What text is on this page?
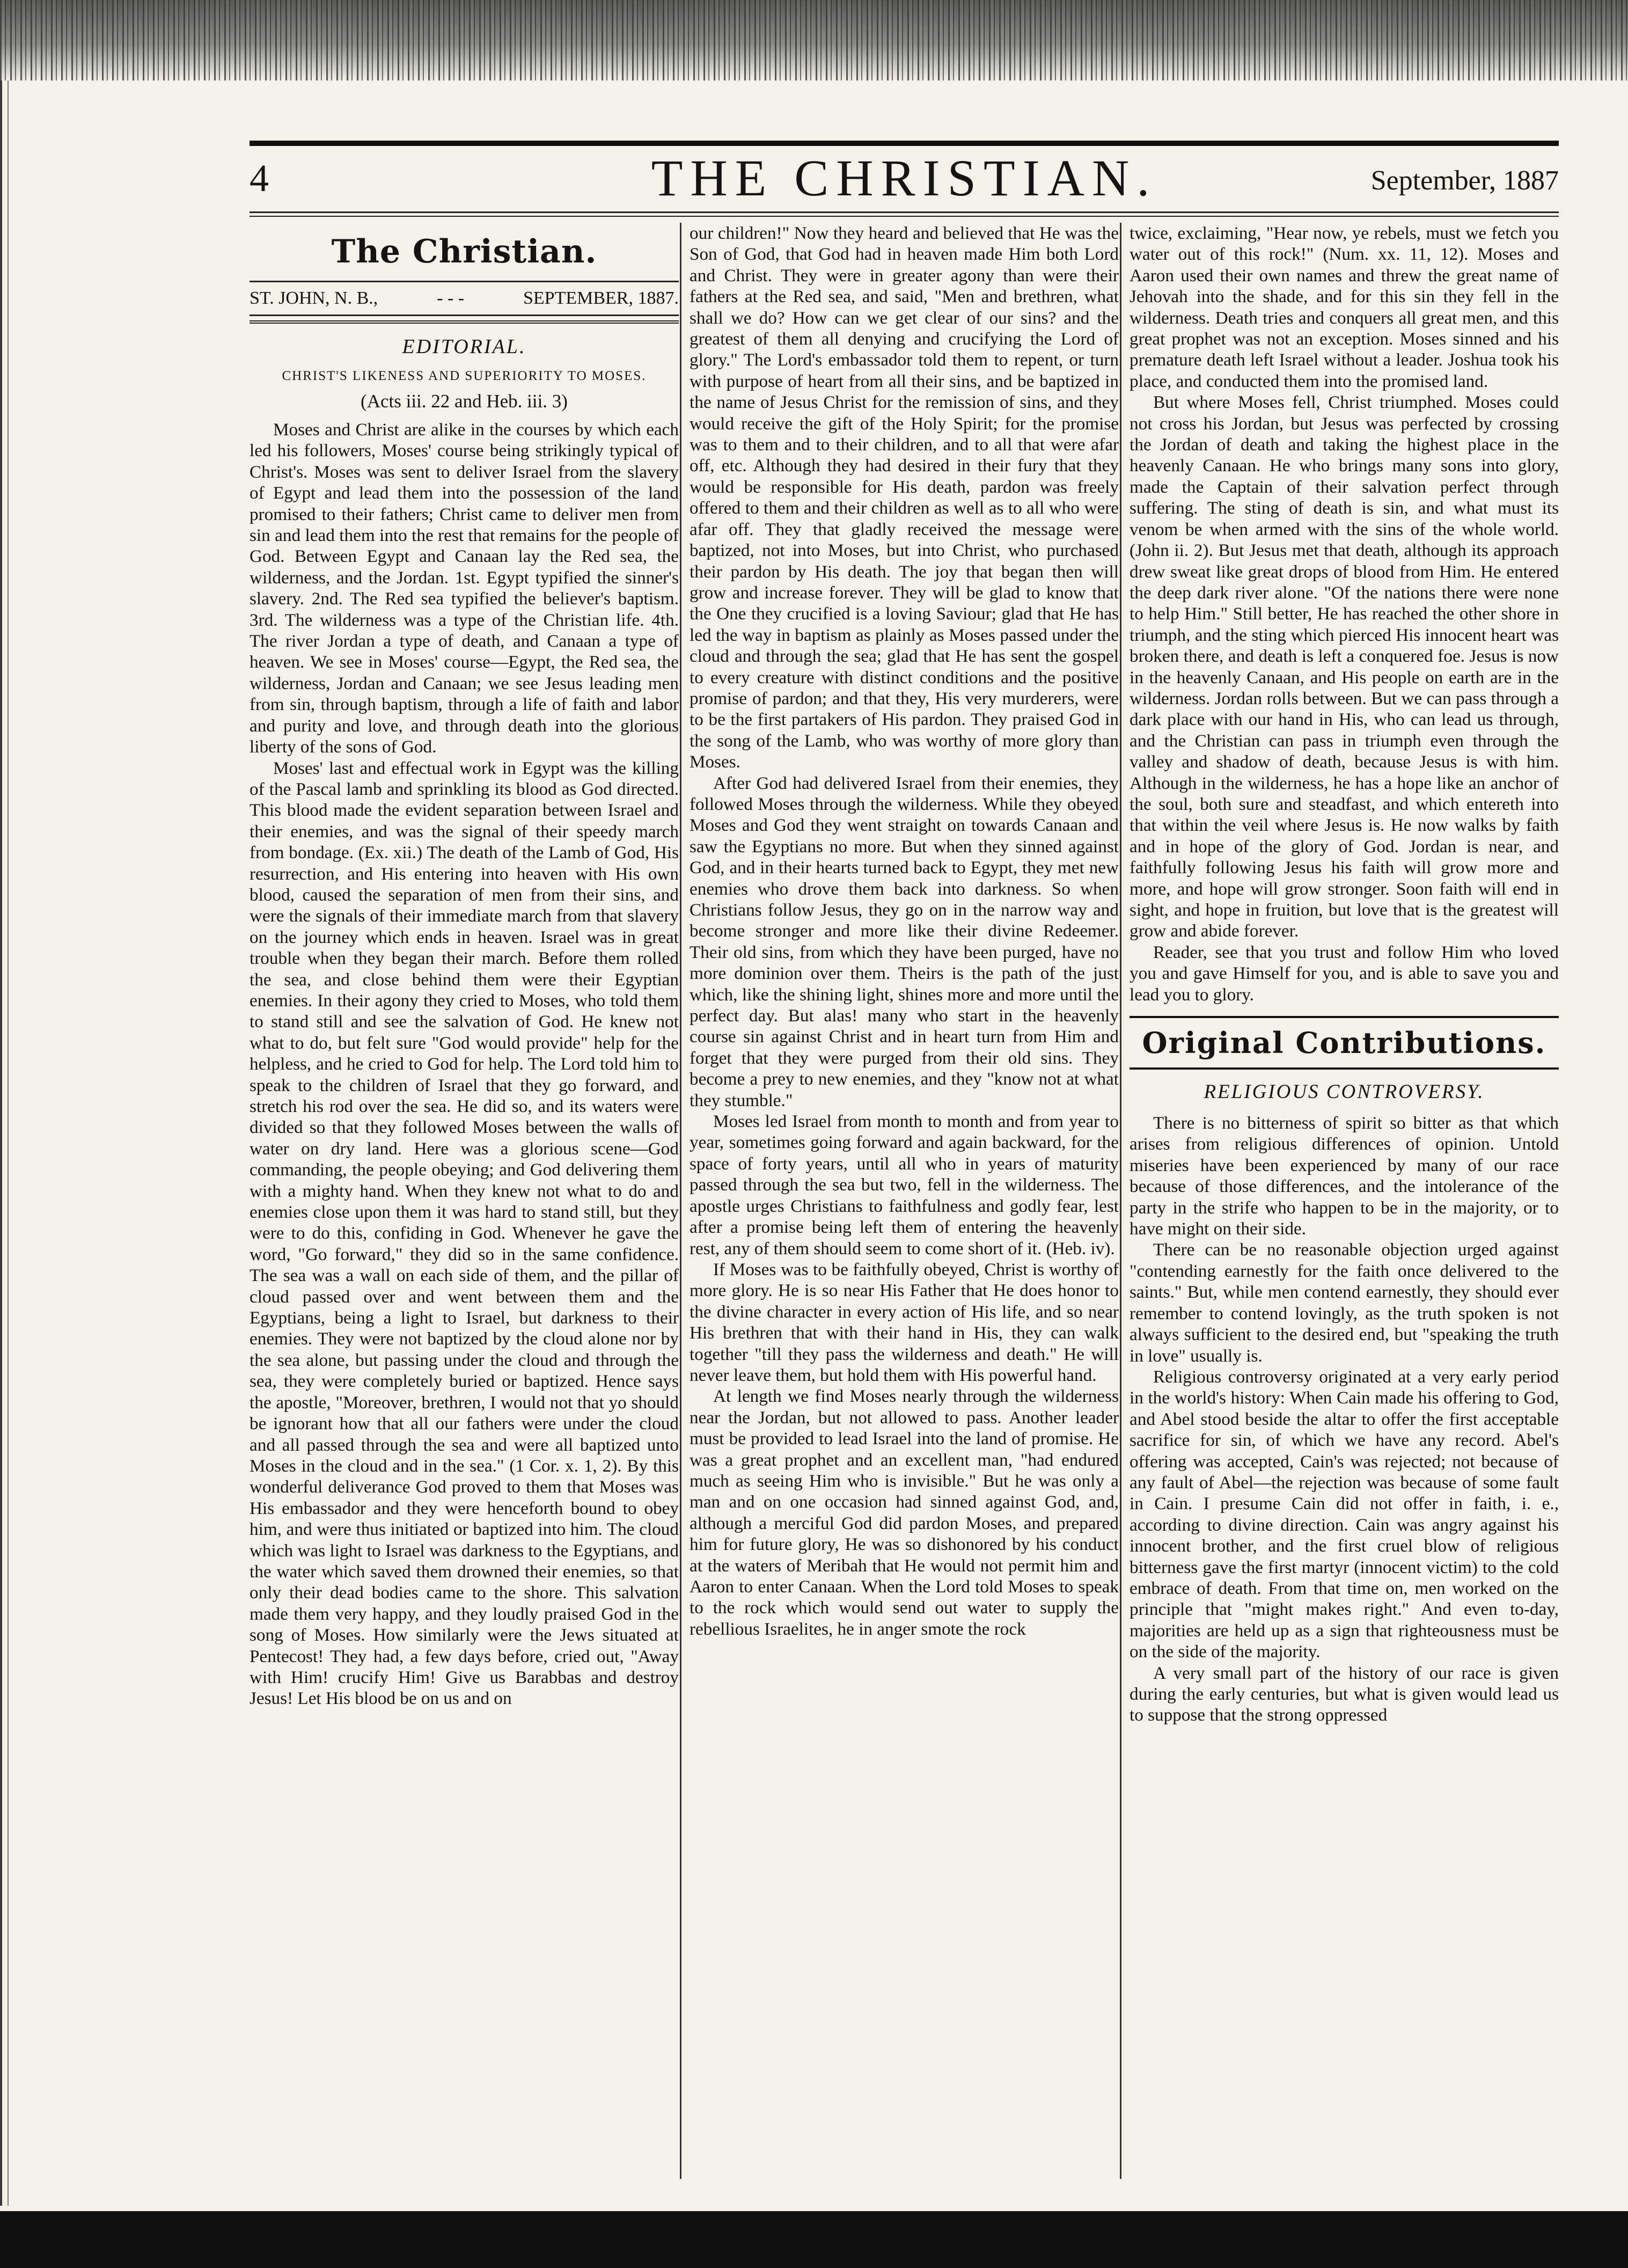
4	THE CHRISTIAN.	September, 1887
The Christian.
ST. JOHN, N. B.,	- - -	SEPTEMBER, 1887.
EDITORIAL.
CHRIST'S LIKENESS AND SUPERIORITY TO MOSES.
(Acts iii. 22 and Heb. iii. 3)

Moses and Christ are alike in the courses by which each led his followers, Moses' course being strikingly typical of Christ's. Moses was sent to deliver Israel from the slavery of Egypt and lead them into the possession of the land promised to their fathers; Christ came to deliver men from sin and lead them into the rest that remains for the people of God. Between Egypt and Canaan lay the Red sea, the wilderness, and the Jordan. 1st. Egypt typified the sinner's slavery. 2nd. The Red sea typified the believer's baptism. 3rd. The wilderness was a type of the Christian life. 4th. The river Jordan a type of death, and Canaan a type of heaven. We see in Moses' course—Egypt, the Red sea, the wilderness, Jordan and Canaan; we see Jesus leading men from sin, through baptism, through a life of faith and labor and purity and love, and through death into the glorious liberty of the sons of God.

Moses' last and effectual work in Egypt was the killing of the Pascal lamb and sprinkling its blood as God directed. This blood made the evident separation between Israel and their enemies, and was the signal of their speedy march from bondage. (Ex. xii.) The death of the Lamb of God, His resurrection, and His entering into heaven with His own blood, caused the separation of men from their sins, and were the signals of their immediate march from that slavery on the journey which ends in heaven. Israel was in great trouble when they began their march. Before them rolled the sea, and close behind them were their Egyptian enemies. In their agony they cried to Moses, who told them to stand still and see the salvation of God. He knew not what to do, but felt sure "God would provide" help for the helpless, and he cried to God for help. The Lord told him to speak to the children of Israel that they go forward, and stretch his rod over the sea. He did so, and its waters were divided so that they followed Moses between the walls of water on dry land. Here was a glorious scene—God commanding, the people obeying; and God delivering them with a mighty hand. When they knew not what to do and enemies close upon them it was hard to stand still, but they were to do this, confiding in God. Whenever he gave the word, "Go forward," they did so in the same confidence. The sea was a wall on each side of them, and the pillar of cloud passed over and went between them and the Egyptians, being a light to Israel, but darkness to their enemies. They were not baptized by the cloud alone nor by the sea alone, but passing under the cloud and through the sea, they were completely buried or baptized. Hence says the apostle, "Moreover, brethren, I would not that yo should be ignorant how that all our fathers were under the cloud and all passed through the sea and were all baptized unto Moses in the cloud and in the sea." (1 Cor. x. 1, 2). By this wonderful deliverance God proved to them that Moses was His embassador and they were henceforth bound to obey him, and were thus initiated or baptized into him. The cloud which was light to Israel was darkness to the Egyptians, and the water which saved them drowned their enemies, so that only their dead bodies came to the shore. This salvation made them very happy, and they loudly praised God in the song of Moses. How similarly were the Jews situated at Pentecost! They had, a few days before, cried out, "Away with Him! crucify Him! Give us Barabbas and destroy Jesus! Let His blood be on us and on

our children!" Now they heard and believed that He was the Son of God, that God had in heaven made Him both Lord and Christ. They were in greater agony than were their fathers at the Red sea, and said, "Men and brethren, what shall we do? How can we get clear of our sins? and the greatest of them all denying and crucifying the Lord of glory." The Lord's embassador told them to repent, or turn with purpose of heart from all their sins, and be baptized in the name of Jesus Christ for the remission of sins, and they would receive the gift of the Holy Spirit; for the promise was to them and to their children, and to all that were afar off, etc. Although they had desired in their fury that they would be responsible for His death, pardon was freely offered to them and their children as well as to all who were afar off. They that gladly received the message were baptized, not into Moses, but into Christ, who purchased their pardon by His death. The joy that began then will grow and increase forever. They will be glad to know that the One they crucified is a loving Saviour; glad that He has led the way in baptism as plainly as Moses passed under the cloud and through the sea; glad that He has sent the gospel to every creature with distinct conditions and the positive promise of pardon; and that they, His very murderers, were to be the first partakers of His pardon. They praised God in the song of the Lamb, who was worthy of more glory than Moses.

After God had delivered Israel from their enemies, they followed Moses through the wilderness. While they obeyed Moses and God they went straight on towards Canaan and saw the Egyptians no more. But when they sinned against God, and in their hearts turned back to Egypt, they met new enemies who drove them back into darkness. So when Christians follow Jesus, they go on in the narrow way and become stronger and more like their divine Redeemer. Their old sins, from which they have been purged, have no more dominion over them. Theirs is the path of the just which, like the shining light, shines more and more until the perfect day. But alas! many who start in the heavenly course sin against Christ and in heart turn from Him and forget that they were purged from their old sins. They become a prey to new enemies, and they "know not at what they stumble."

Moses led Israel from month to month and from year to year, sometimes going forward and again backward, for the space of forty years, until all who in years of maturity passed through the sea but two, fell in the wilderness. The apostle urges Christians to faithfulness and godly fear, lest after a promise being left them of entering the heavenly rest, any of them should seem to come short of it. (Heb. iv).

If Moses was to be faithfully obeyed, Christ is worthy of more glory. He is so near His Father that He does honor to the divine character in every action of His life, and so near His brethren that with their hand in His, they can walk together "till they pass the wilderness and death." He will never leave them, but hold them with His powerful hand.

At length we find Moses nearly through the wilderness near the Jordan, but not allowed to pass. Another leader must be provided to lead Israel into the land of promise. He was a great prophet and an excellent man, "had endured much as seeing Him who is invisible." But he was only a man and on one occasion had sinned against God, and, although a merciful God did pardon Moses, and prepared him for future glory, He was so dishonored by his conduct at the waters of Meribah that He would not permit him and Aaron to enter Canaan. When the Lord told Moses to speak to the rock which would send out water to supply the rebellious Israelites, he in anger smote the rock

twice, exclaiming, "Hear now, ye rebels, must we fetch you water out of this rock!" (Num. xx. 11, 12). Moses and Aaron used their own names and threw the great name of Jehovah into the shade, and for this sin they fell in the wilderness. Death tries and conquers all great men, and this great prophet was not an exception. Moses sinned and his premature death left Israel without a leader. Joshua took his place, and conducted them into the promised land.

But where Moses fell, Christ triumphed. Moses could not cross his Jordan, but Jesus was perfected by crossing the Jordan of death and taking the highest place in the heavenly Canaan. He who brings many sons into glory, made the Captain of their salvation perfect through suffering. The sting of death is sin, and what must its venom be when armed with the sins of the whole world. (John ii. 2). But Jesus met that death, although its approach drew sweat like great drops of blood from Him. He entered the deep dark river alone. "Of the nations there were none to help Him." Still better, He has reached the other shore in triumph, and the sting which pierced His innocent heart was broken there, and death is left a conquered foe. Jesus is now in the heavenly Canaan, and His people on earth are in the wilderness. Jordan rolls between. But we can pass through a dark place with our hand in His, who can lead us through, and the Christian can pass in triumph even through the valley and shadow of death, because Jesus is with him. Although in the wilderness, he has a hope like an anchor of the soul, both sure and steadfast, and which entereth into that within the veil where Jesus is. He now walks by faith and in hope of the glory of God. Jordan is near, and faithfully following Jesus his faith will grow more and more, and hope will grow stronger. Soon faith will end in sight, and hope in fruition, but love that is the greatest will grow and abide forever.

Reader, see that you trust and follow Him who loved you and gave Himself for you, and is able to save you and lead you to glory.

Original Contributions.
RELIGIOUS CONTROVERSY.

There is no bitterness of spirit so bitter as that which arises from religious differences of opinion. Untold miseries have been experienced by many of our race because of those differences, and the intolerance of the party in the strife who happen to be in the majority, or to have might on their side.

There can be no reasonable objection urged against "contending earnestly for the faith once delivered to the saints." But, while men contend earnestly, they should ever remember to contend lovingly, as the truth spoken is not always sufficient to the desired end, but "speaking the truth in love" usually is.

Religious controversy originated at a very early period in the world's history: When Cain made his offering to God, and Abel stood beside the altar to offer the first acceptable sacrifice for sin, of which we have any record. Abel's offering was accepted, Cain's was rejected; not because of any fault of Abel—the rejection was because of some fault in Cain. I presume Cain did not offer in faith, i. e., according to divine direction. Cain was angry against his innocent brother, and the first cruel blow of religious bitterness gave the first martyr (innocent victim) to the cold embrace of death. From that time on, men worked on the principle that "might makes right." And even to-day, majorities are held up as a sign that righteousness must be on the side of the majority.

A very small part of the history of our race is given during the early centuries, but what is given would lead us to suppose that the strong oppressed
